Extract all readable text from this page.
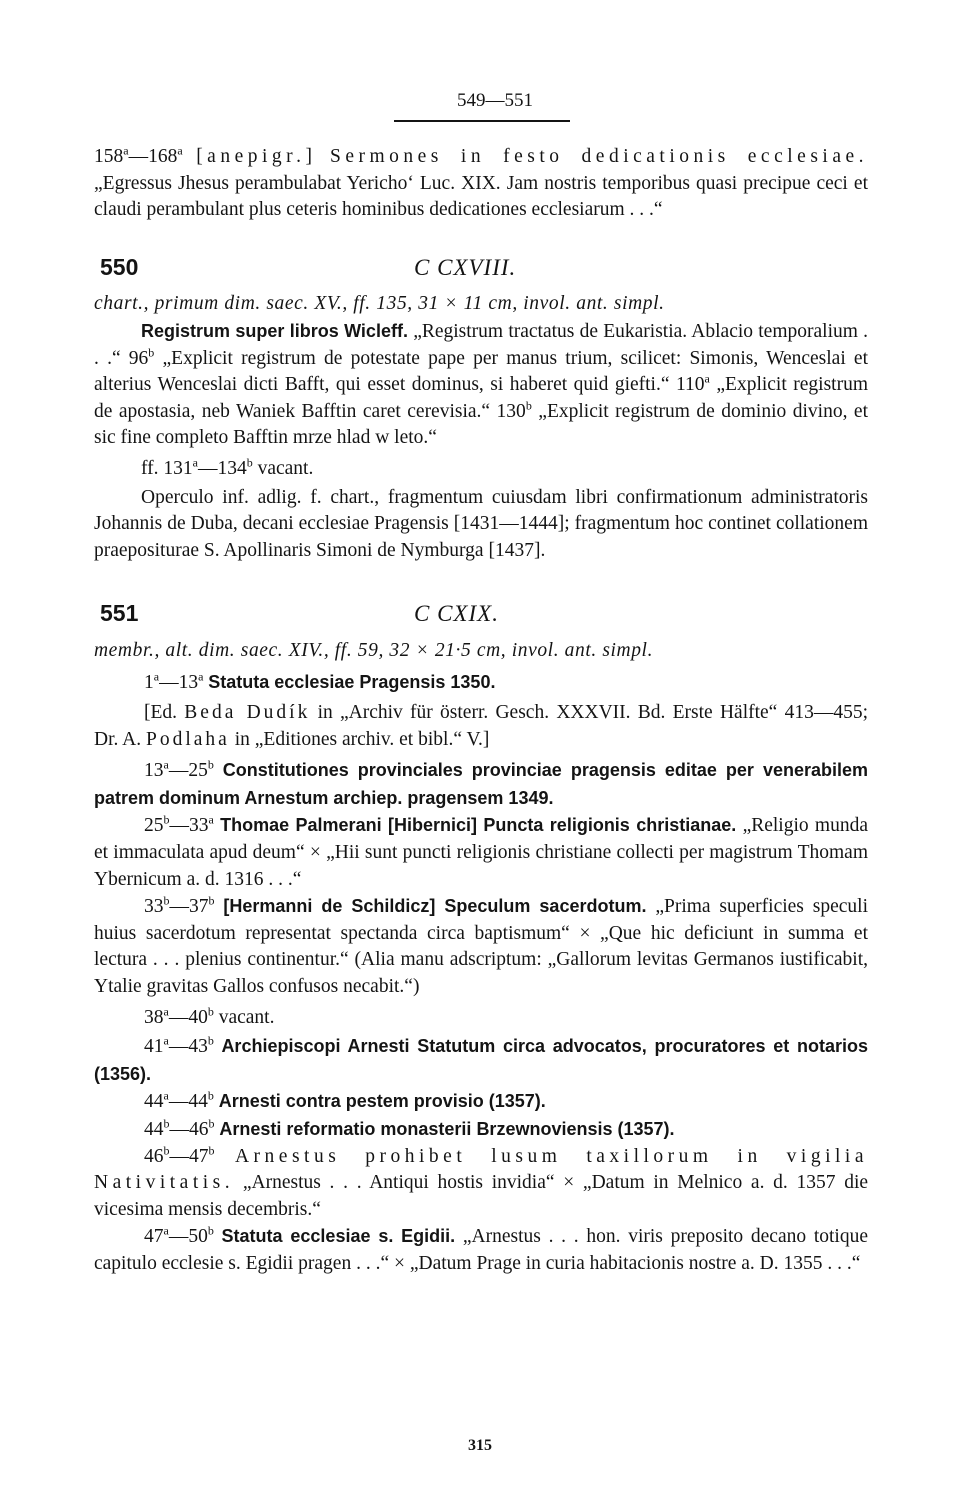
549—551

158$^a$—168$^a$ [anepigr.] Sermones in festo dedicationis ecclesiae. „Egressus Jhesus perambulabat Yericho‘ Luc. XIX. Jam nostris temporibus quasi precipue ceci et claudi perambulant plus ceteris hominibus dedicationes ecclesiarum . . .“

550	C CXVIII.

chart., primum dim. saec. XV., ff. 135, 31 × 11 cm, invol. ant. simpl.

Registrum super libros Wicleff. „Registrum tractatus de Eukaristia. Ablacio temporalium . . .“ 96$^b$ „Explicit registrum de potestate pape per manus trium, scilicet: Simonis, Wenceslai et alterius Wenceslai dicti Bafft, qui esset dominus, si haberet quid giefti.“ 110$^a$ „Explicit registrum de apostasia, neb Waniek Bafftin caret cerevisia.“ 130$^b$ „Explicit registrum de dominio divino, et sic fine completo Bafftin mrze hlad w leto.“

ff. 131$^a$—134$^b$ vacant.

Operculo inf. adlig. f. chart., fragmentum cuiusdam libri confirmationum administratoris Johannis de Duba, decani ecclesiae Pragensis [1431—1444]; fragmentum hoc continet collationem praepositurae S. Apollinaris Simoni de Nymburga [1437].

551	C CXIX.

membr., alt. dim. saec. XIV., ff. 59, 32 × 21·5 cm, invol. ant. simpl.

1$^a$—13$^a$ Statuta ecclesiae Pragensis 1350.

[Ed. Beda Dudík in „Archiv für österr. Gesch. XXXVII. Bd. Erste Hälfte“ 413—455; Dr. A. Podlaha in „Editiones archiv. et bibl.“ V.]

13$^a$—25$^b$ Constitutiones provinciales provinciae pragensis editae per venerabilem patrem dominum Arnestum archiep. pragensem 1349.

25$^b$—33$^a$ Thomae Palmerani [Hibernici] Puncta religionis christianae. „Religio munda et immaculata apud deum“ × „Hii sunt puncti religionis christiane collecti per magistrum Thomam Ybernicum a. d. 1316 . . .“

33$^b$—37$^b$ [Hermanni de Schildicz] Speculum sacerdotum. „Prima superficies speculi huius sacerdotum representat spectanda circa baptismum“ × „Que hic deficiunt in summa et lectura . . . plenius continentur.“ (Alia manu adscriptum: „Gallorum levitas Germanos iustificabit, Ytalie gravitas Gallos confusos necabit.“)

38$^a$—40$^b$ vacant.

41$^a$—43$^b$ Archiepiscopi Arnesti Statutum circa advocatos, procuratores et notarios (1356).

44$^a$—44$^b$ Arnesti contra pestem provisio (1357).

44$^b$—46$^b$ Arnesti reformatio monasterii Brzewnoviensis (1357).

46$^b$—47$^b$ Arnestus prohibet lusum taxillorum in vigilia Nativitatis. „Arnestus . . . Antiqui hostis invidia“ × „Datum in Melnico a. d. 1357 die vicesima mensis decembris.“

47$^a$—50$^b$ Statuta ecclesiae s. Egidii. „Arnestus . . . hon. viris preposito decano totique capitulo ecclesie s. Egidii pragen . . .“ × „Datum Prage in curia habitacionis nostre a. D. 1355 . . .“

315
